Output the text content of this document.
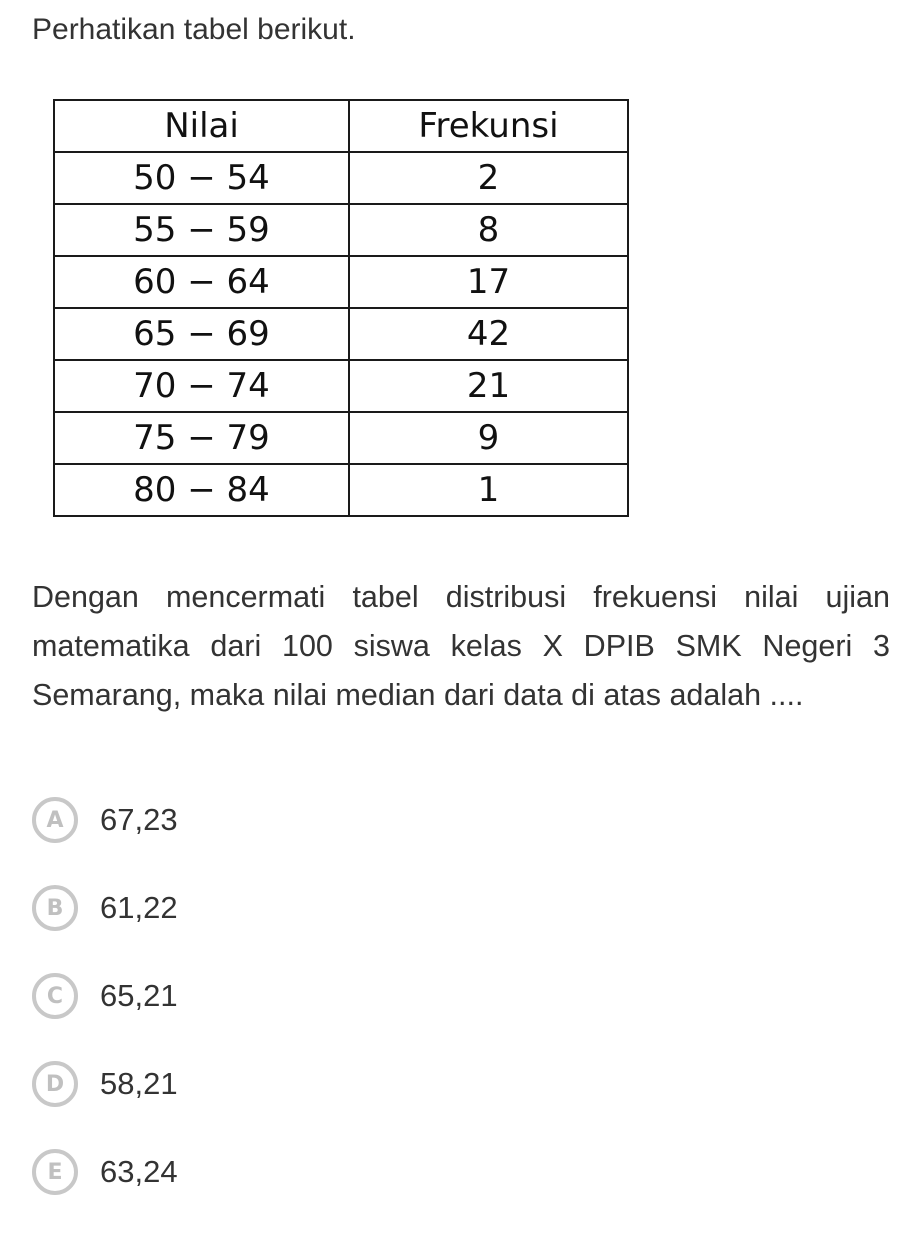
Perhatikan tabel berikut.
Nilai	Frekunsi
50 − 54	2
55 − 59	8
60 − 64	17
65 − 69	42
70 − 74	21
75 − 79	9
80 − 84	1
Dengan mencermati tabel distribusi frekuensi nilai ujian
matematika dari 100 siswa kelas X DPIB SMK Negeri 3
Semarang, maka nilai median dari data di atas adalah ....
A	67,23
B	61,22
C	65,21
D	58,21
E	63,24
